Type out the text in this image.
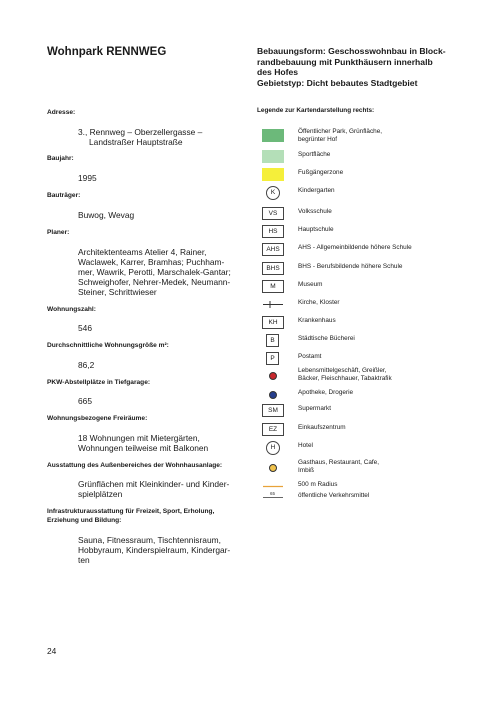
Wohnpark RENNWEG	Bebauungsform: Geschosswohnbau in Block-
randbebauung mit Punkthäusern innerhalb
des Hofes
Gebietstyp: Dicht bebautes Stadtgebiet
Adresse:
3., Rennweg – Oberzellergasse –
Landstraßer Hauptstraße
Baujahr:
1995
Bauträger:
Buwog, Wevag
Planer:
Architektenteams Atelier 4, Rainer,
Waclawek, Karrer, Bramhas; Puchham-
mer, Wawrik, Perotti, Marschalek-Gantar;
Schweighofer, Nehrer-Medek, Neumann-
Steiner, Schrittwieser
Wohnungszahl:
546
Durchschnittliche Wohnungsgröße m²:
86,2
PKW-Abstellplätze in Tiefgarage:
665
Wohnungsbezogene Freiräume:
18 Wohnungen mit Mietergärten,
Wohnungen teilweise mit Balkonen
Ausstattung des Außenbereiches der Wohnhausanlage:
Grünflächen mit Kleinkinder- und Kinder-
spielplätzen
Infrastrukturausstattung für Freizeit, Sport, Erholung,
Erziehung und Bildung:
Sauna, Fitnessraum, Tischtennisraum,
Hobbyraum, Kinderspielraum, Kindergar-
ten
Legende zur Kartendarstellung rechts:
Öffentlicher Park, Grünfläche,
begrünter Hof
Sportfläche
Fußgängerzone
K	Kindergarten
VS	Volksschule
HS	Hauptschule
AHS	AHS - Allgemeinbildende höhere Schule
BHS	BHS - Berufsbildende höhere Schule
M	Museum
Kirche, Kloster
KH	Krankenhaus
B	Städtische Bücherei
P	Postamt
Lebensmittelgeschäft, Greißler,
Bäcker, Fleischhauer, Tabaktrafik
Apotheke, Drogerie
SM	Supermarkt
EZ	Einkaufszentrum
H	Hotel
Gasthaus, Restaurant, Cafe,
Imbiß
500 m Radius
65	öffentliche Verkehrsmittel
24
